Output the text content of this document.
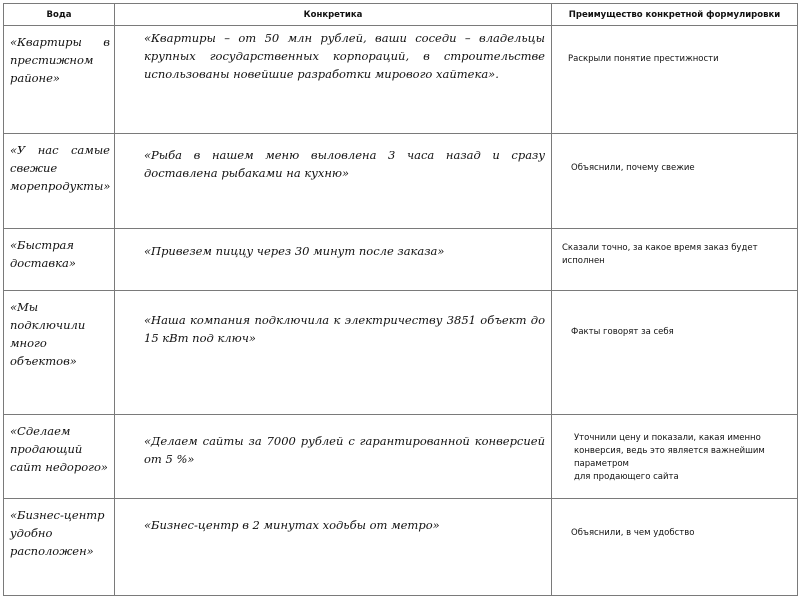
Вода	Конкретика	Преимущество конкретной формулировки
«Квартиры в престижном районе»	«Квартиры – от 50 млн рублей, ваши соседи – владельцы крупных государственных корпораций, в строительстве использованы новейшие разработки мирового хайтека».	Раскрыли понятие престижности

«У нас самые свежие морепродукты»	«Рыба в нашем меню выловлена 3 часа назад и сразу доставлена рыбаками на кухню»	Объяснили, почему свежие

«Быстрая доставка»	«Привезем пиццу через 30 минут после заказа»	Сказали точно, за какое время заказ будет
исполнен

«Мы подключили много объектов»	«Наша компания подключила к электричеству 3851 объект до 15 кВт под ключ»	Факты говорят за себя

«Сделаем продающий сайт недорого»	«Делаем сайты за 7000 рублей с гарантированной конверсией от 5 %»	Уточнили цену и показали, какая именно
конверсия, ведь это является важнейшим параметром
для продающего сайта

«Бизнес-центр удобно расположен»	«Бизнес-центр в 2 минутах ходьбы от метро»	Объяснили, в чем удобство
